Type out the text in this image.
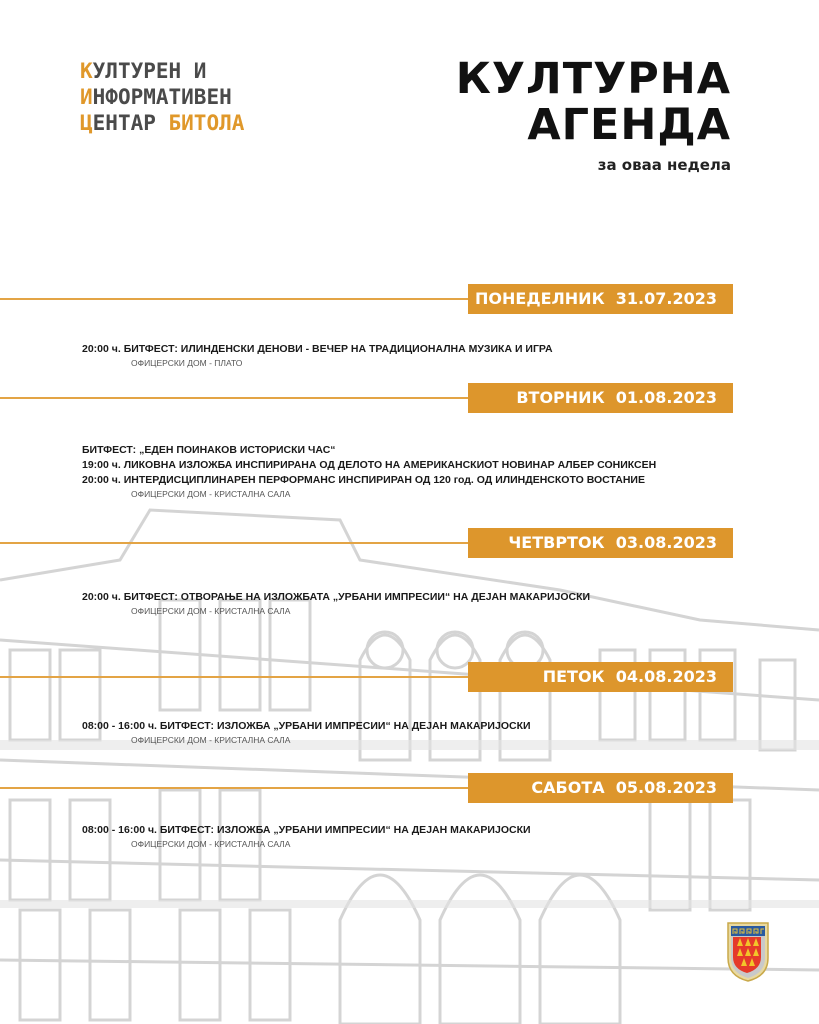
КУЛТУРЕН И
ИНФОРМАТИВЕН
ЦЕНТАР БИТОЛА
КУЛТУРНА
АГЕНДА
за оваа недела
ПОНЕДЕЛНИК  31.07.2023
20:00 ч. БИТФЕСТ: ИЛИНДЕНСКИ ДЕНОВИ - ВЕЧЕР НА ТРАДИЦИОНАЛНА МУЗИКА И ИГРА
ОФИЦЕРСКИ ДОМ - ПЛАТО
ВТОРНИК  01.08.2023
БИТФЕСТ: „ЕДЕН ПОИНАКОВ ИСТОРИСКИ ЧАС“
19:00 ч. ЛИКОВНА ИЗЛОЖБА ИНСПИРИРАНА ОД ДЕЛОТО НА АМЕРИКАНСКИОТ НОВИНАР АЛБЕР СОНИКСЕН
20:00 ч. ИНТЕРДИСЦИПЛИНАРЕН ПЕРФОРМАНС ИНСПИРИРАН ОД 120 год. ОД ИЛИНДЕНСКОТО ВОСТАНИЕ
ОФИЦЕРСКИ ДОМ - КРИСТАЛНА САЛА
ЧЕТВРТОК  03.08.2023
20:00 ч. БИТФЕСТ: ОТВОРАЊЕ НА ИЗЛОЖБАТА „УРБАНИ ИМПРЕСИИ“ НА ДЕЈАН МАКАРИЈОСКИ
ОФИЦЕРСКИ ДОМ - КРИСТАЛНА САЛА
ПЕТОК  04.08.2023
08:00 - 16:00 ч. БИТФЕСТ: ИЗЛОЖБА „УРБАНИ ИМПРЕСИИ“ НА ДЕЈАН МАКАРИЈОСКИ
ОФИЦЕРСКИ ДОМ - КРИСТАЛНА САЛА
САБОТА  05.08.2023
08:00 - 16:00 ч. БИТФЕСТ: ИЗЛОЖБА „УРБАНИ ИМПРЕСИИ“ НА ДЕЈАН МАКАРИЈОСКИ
ОФИЦЕРСКИ ДОМ - КРИСТАЛНА САЛА
